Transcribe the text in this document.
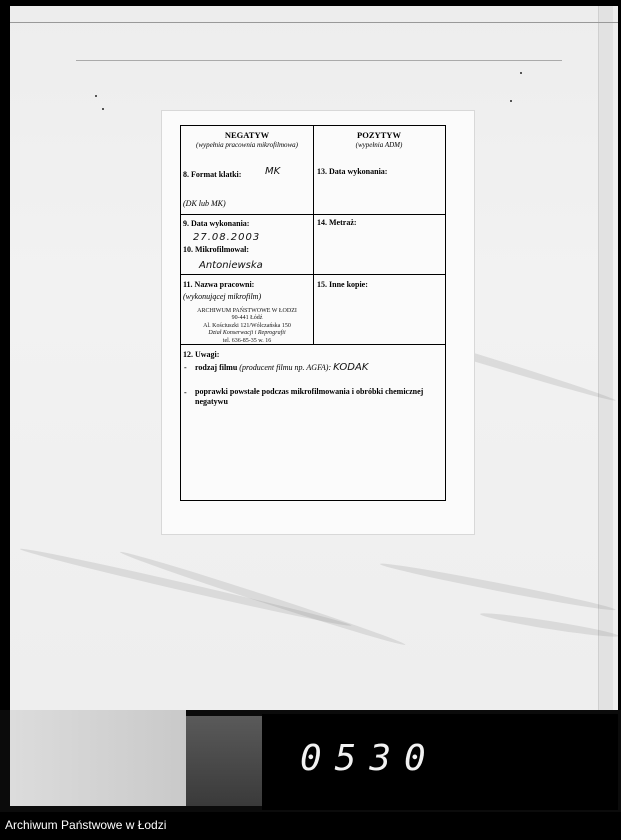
NEGATYW
(wypełnia pracownia mikrofilmowa)
POZYTYW
(wypełnia ADM)
8. Format klatki: MK
(DK lub MK)
13. Data wykonania:
9. Data wykonania:
27.08.2003
10. Mikrofilmował:
Antoniewska
14. Metraż:
11. Nazwa pracowni:
(wykonującej mikrofilm)
15. Inne kopie:
ARCHIWUM PAŃSTWOWE W ŁODZI
90-441 Łódź
Al. Kościuszki 121/Wólczańska 150
Dział Konserwacji i Reprografii
tel. 636-85-35 w. 16
12. Uwagi:
- rodzaj filmu (producent filmu np. AGFA): KODAK
- poprawki powstałe podczas mikrofilmowania i obróbki chemicznej negatywu
0530
Archiwum Państwowe w Łodzi
